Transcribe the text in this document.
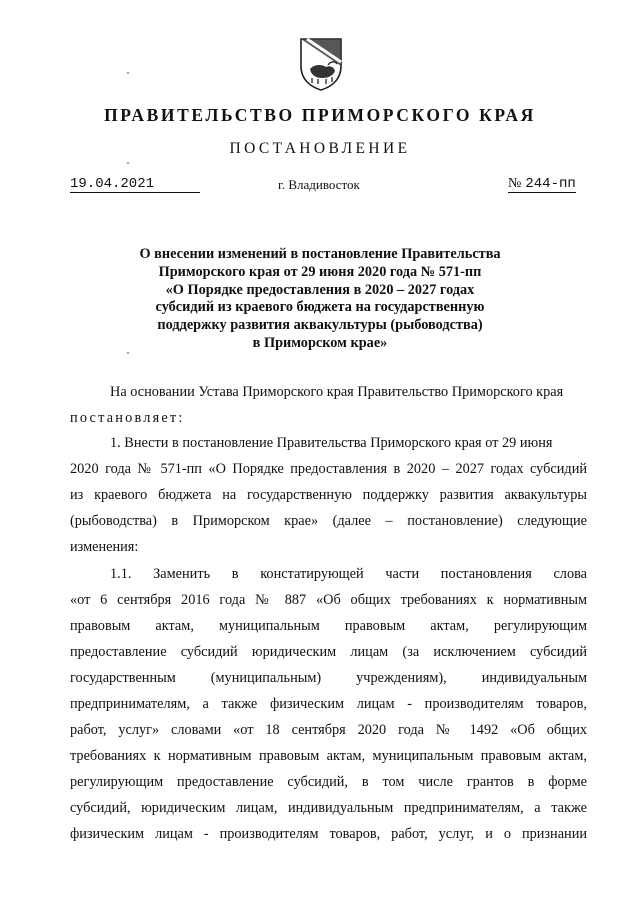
ПРАВИТЕЛЬСТВО ПРИМОРСКОГО КРАЯ
ПОСТАНОВЛЕНИЕ
19.04.2021	г. Владивосток	№ 244-пп
О внесении изменений в постановление Правительства
Приморского края от 29 июня 2020 года № 571-пп
«О Порядке предоставления в 2020 – 2027 годах
субсидий из краевого бюджета на государственную
поддержку развития аквакультуры (рыбоводства)
в Приморском крае»
На основании Устава Приморского края Правительство Приморского края
постановляет:
1. Внести в постановление Правительства Приморского края от 29 июня
2020 года № 571-пп «О Порядке предоставления в 2020 – 2027 годах субсидий
из краевого бюджета на государственную поддержку развития аквакультуры
(рыбоводства) в Приморском крае» (далее – постановление) следующие
изменения:
1.1. Заменить в констатирующей части постановления слова
«от 6 сентября 2016 года № 887 «Об общих требованиях к нормативным
правовым актам, муниципальным правовым актам, регулирующим
предоставление субсидий юридическим лицам (за исключением субсидий
государственным (муниципальным) учреждениям), индивидуальным
предпринимателям, а также физическим лицам - производителям товаров,
работ, услуг» словами «от 18 сентября 2020 года № 1492 «Об общих
требованиях к нормативным правовым актам, муниципальным правовым актам,
регулирующим предоставление субсидий, в том числе грантов в форме
субсидий, юридическим лицам, индивидуальным предпринимателям, а также
физическим лицам - производителям товаров, работ, услуг, и о признании
